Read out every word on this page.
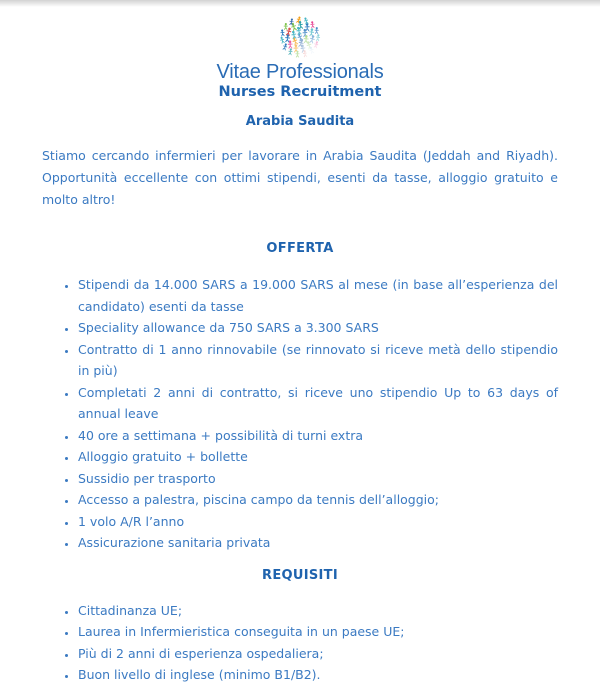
Vitae Professionals
Nurses Recruitment
Arabia Saudita

Stiamo cercando infermieri per lavorare in Arabia Saudita (Jeddah and Riyadh). Opportunità eccellente con ottimi stipendi, esenti da tasse, alloggio gratuito e molto altro!

OFFERTA
• Stipendi da 14.000 SARS a 19.000 SARS al mese (in base all’esperienza del candidato) esenti da tasse
• Speciality allowance da 750 SARS a 3.300 SARS
• Contratto di 1 anno rinnovabile (se rinnovato si riceve metà dello stipendio in più)
• Completati 2 anni di contratto, si riceve uno stipendio Up to 63 days of annual leave
• 40 ore a settimana + possibilità di turni extra
• Alloggio gratuito + bollette
• Sussidio per trasporto
• Accesso a palestra, piscina campo da tennis dell’alloggio;
• 1 volo A/R l’anno
• Assicurazione sanitaria privata
REQUISITI
• Cittadinanza UE;
• Laurea in Infermieristica conseguita in un paese UE;
• Più di 2 anni di esperienza ospedaliera;
• Buon livello di inglese (minimo B1/B2).
